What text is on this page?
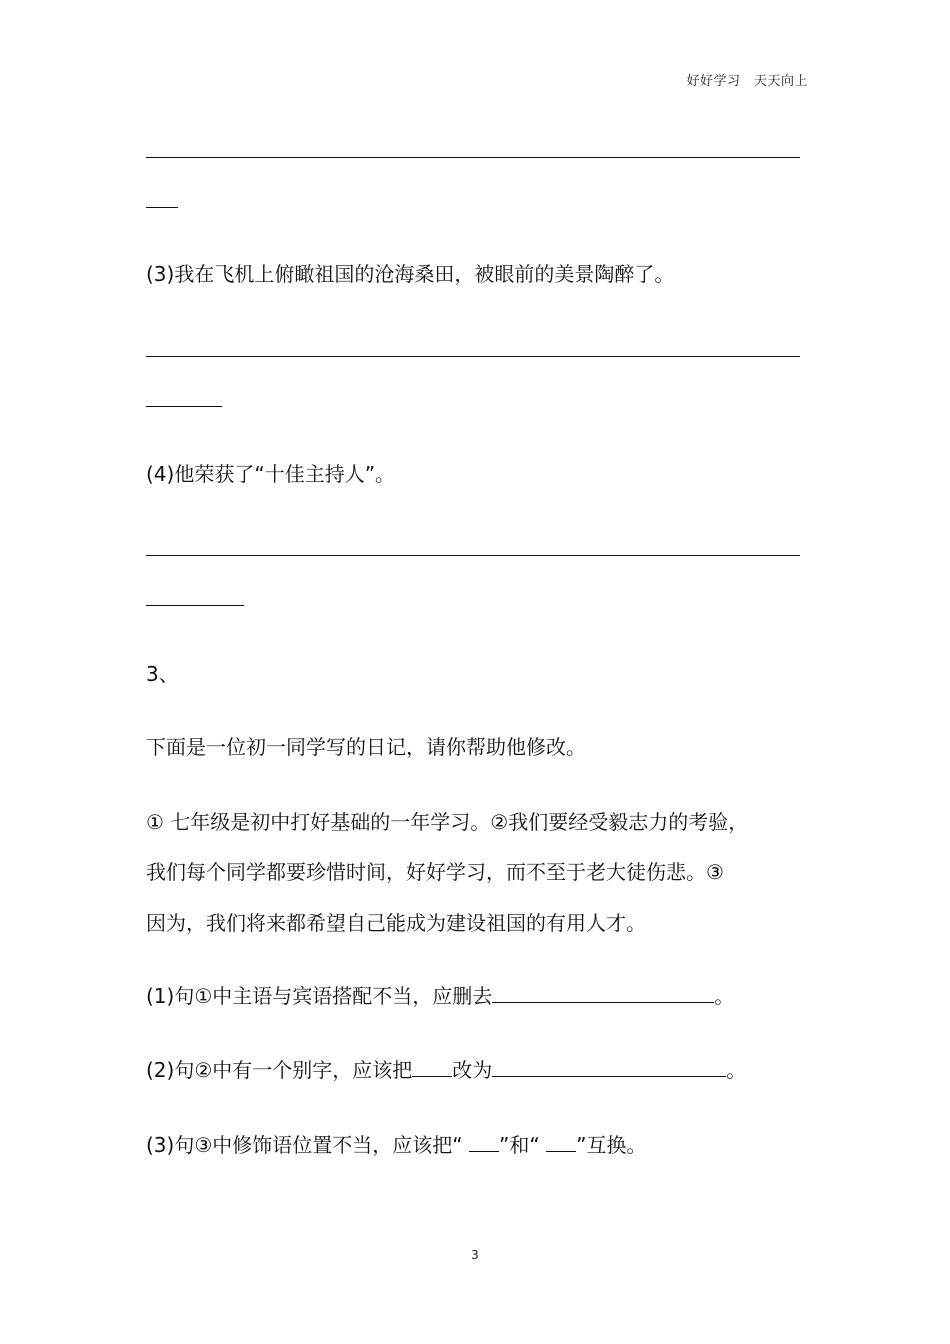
好好学习　天天向上
(3)我在飞机上俯瞰祖国的沧海桑田，被眼前的美景陶醉了。
(4)他荣获了“十佳主持人”。
3、
下面是一位初一同学写的日记，请你帮助他修改。
① 七年级是初中打好基础的一年学习。②我们要经受毅志力的考验，
我们每个同学都要珍惜时间，好好学习，而不至于老大徒伤悲。③
因为，我们将来都希望自己能成为建设祖国的有用人才。
(1)句①中主语与宾语搭配不当，应删去	。
(2)句②中有一个别字，应该把 改为	。
(3)句③中修饰语位置不当，应该把“ ”和“ ”互换。
3
